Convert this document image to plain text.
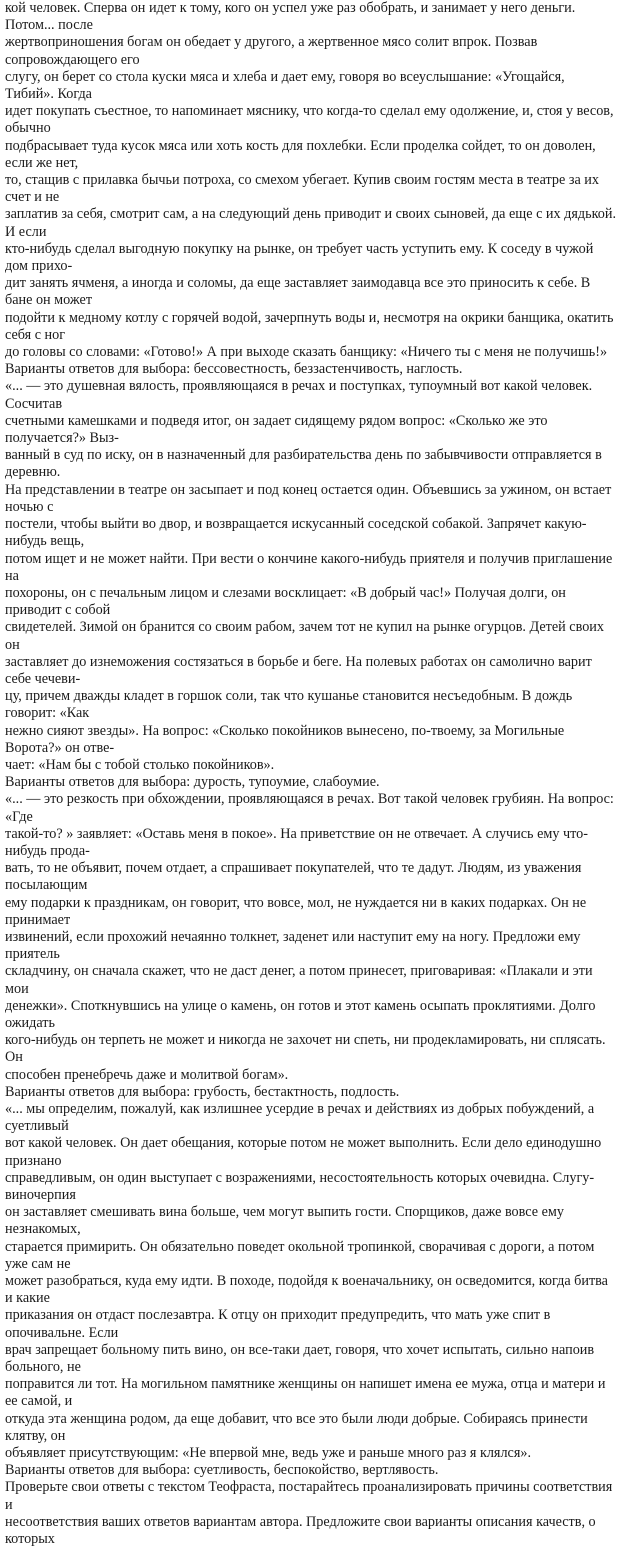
кой человек. Сперва он идет к тому, кого он успел уже раз обобрать, и занимает у него деньги. Потом... после
жертвоприношения богам он обедает у другого, а жертвенное мясо солит впрок. Позвав сопровождающего его
слугу, он берет со стола куски мяса и хлеба и дает ему, говоря во всеуслышание: «Угощайся, Тибий». Когда
идет покупать съестное, то напоминает мяснику, что когда-то сделал ему одолжение, и, стоя у весов, обычно
подбрасывает туда кусок мяса или хоть кость для похлебки. Если проделка сойдет, то он доволен, если же нет,
то, стащив с прилавка бычьи потроха, со смехом убегает. Купив своим гостям места в театре за их счет и не
заплатив за себя, смотрит сам, а на следующий день приводит и своих сыновей, да еще с их дядькой. И если
кто-нибудь сделал выгодную покупку на рынке, он требует часть уступить ему. К соседу в чужой дом прихо-
дит занять ячменя, а иногда и соломы, да еще заставляет заимодавца все это приносить к себе. В бане он может
подойти к медному котлу с горячей водой, зачерпнуть воды и, несмотря на окрики банщика, окатить себя с ног
до головы со словами: «Готово!» А при выходе сказать банщику: «Ничего ты с меня не получишь!»

Варианты ответов для выбора: бессовестность, беззастенчивость, наглость.

«... — это душевная вялость, проявляющаяся в речах и поступках, тупоумный вот какой человек. Сосчитав
счетными камешками и подведя итог, он задает сидящему рядом вопрос: «Сколько же это получается?» Выз-
ванный в суд по иску, он в назначенный для разбирательства день по забывчивости отправляется в деревню.
На представлении в театре он засыпает и под конец остается один. Объевшись за ужином, он встает ночью с
постели, чтобы выйти во двор, и возвращается искусанный соседской собакой. Запрячет какую-нибудь вещь,
потом ищет и не может найти. При вести о кончине какого-нибудь приятеля и получив приглашение на
похороны, он с печальным лицом и слезами восклицает: «В добрый час!» Получая долги, он приводит с собой
свидетелей. Зимой он бранится со своим рабом, зачем тот не купил на рынке огурцов. Детей своих он
заставляет до изнеможения состязаться в борьбе и беге. На полевых работах он самолично варит себе чечеви-
цу, причем дважды кладет в горшок соли, так что кушанье становится несъедобным. В дождь говорит: «Как
нежно сияют звезды». На вопрос: «Сколько покойников вынесено, по-твоему, за Могильные Ворота?» он отве-
чает: «Нам бы с тобой столько покойников».

Варианты ответов для выбора: дурость, тупоумие, слабоумие.

«... — это резкость при обхождении, проявляющаяся в речах. Вот такой человек грубиян. На вопрос: «Где
такой-то? » заявляет: «Оставь меня в покое». На приветствие он не отвечает. А случись ему что-нибудь прода-
вать, то не объявит, почем отдает, а спрашивает покупателей, что те дадут. Людям, из уважения посылающим
ему подарки к праздникам, он говорит, что вовсе, мол, не нуждается ни в каких подарках. Он не принимает
извинений, если прохожий нечаянно толкнет, заденет или наступит ему на ногу. Предложи ему приятель
складчину, он сначала скажет, что не даст денег, а потом принесет, приговаривая: «Плакали и эти мои
денежки». Споткнувшись на улице о камень, он готов и этот камень осыпать проклятиями. Долго ожидать
кого-нибудь он терпеть не может и никогда не захочет ни спеть, ни продекламировать, ни сплясать. Он
способен пренебречь даже и молитвой богам».

Варианты ответов для выбора: грубость, бестактность, подлость.

«... мы определим, пожалуй, как излишнее усердие в речах и действиях из добрых побуждений, а суетливый
вот какой человек. Он дает обещания, которые потом не может выполнить. Если дело единодушно признано
справедливым, он один выступает с возражениями, несостоятельность которых очевидна. Слугу-виночерпия
он заставляет смешивать вина больше, чем могут выпить гости. Спорщиков, даже вовсе ему незнакомых,
старается примирить. Он обязательно поведет окольной тропинкой, сворачивая с дороги, а потом уже сам не
может разобраться, куда ему идти. В походе, подойдя к военачальнику, он осведомится, когда битва и какие
приказания он отдаст послезавтра. К отцу он приходит предупредить, что мать уже спит в опочивальне. Если
врач запрещает больному пить вино, он все-таки дает, говоря, что хочет испытать, сильно напоив больного, не
поправится ли тот. На могильном памятнике женщины он напишет имена ее мужа, отца и матери и ее самой, и
откуда эта женщина родом, да еще добавит, что все это были люди добрые. Собираясь принести клятву, он
объявляет присутствующим: «Не впервой мне, ведь уже и раньше много раз я клялся».

Варианты ответов для выбора: суетливость, беспокойство, вертлявость.

Проверьте свои ответы с текстом Теофраста, постарайтесь проанализировать причины соответствия и
несоответствия ваших ответов вариантам автора. Предложите свои варианты описания качеств, о которых
